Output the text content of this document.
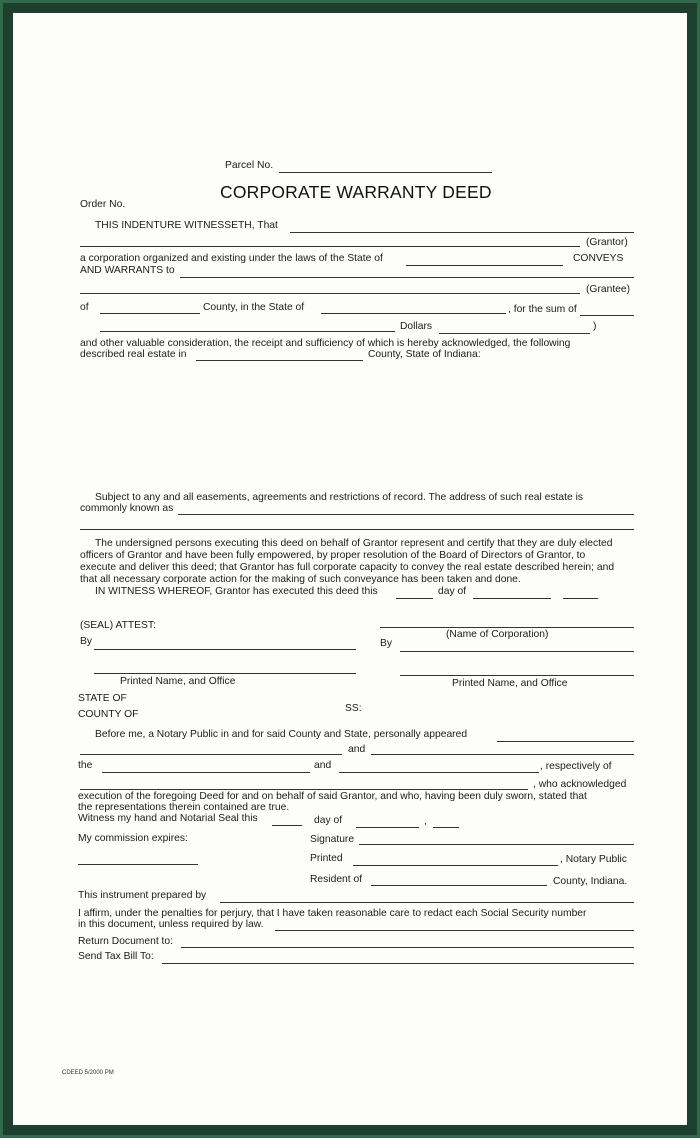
Parcel No.
CORPORATE WARRANTY DEED
Order No.
THIS INDENTURE WITNESSETH, That
(Grantor)
a corporation organized and existing under the laws of the State of	CONVEYS
AND WARRANTS to
(Grantee)
of	County, in the State of	, for the sum of
Dollars	)
and other valuable consideration, the receipt and sufficiency of which is hereby acknowledged, the following
described real estate in	County, State of Indiana:
Subject to any and all easements, agreements and restrictions of record. The address of such real estate is
commonly known as
The undersigned persons executing this deed on behalf of Grantor represent and certify that they are duly elected
officers of Grantor and have been fully empowered, by proper resolution of the Board of Directors of Grantor, to
execute and deliver this deed; that Grantor has full corporate capacity to convey the real estate described herein; and
that all necessary corporate action for the making of such conveyance has been taken and done.
IN WITNESS WHEREOF, Grantor has executed this deed this	day of
(SEAL) ATTEST:
(Name of Corporation)
By	By
Printed Name, and Office	Printed Name, and Office
STATE OF
COUNTY OF
SS:
Before me, a Notary Public in and for said County and State, personally appeared
and
the	and	, respectively of
, who acknowledged
execution of the foregoing Deed for and on behalf of said Grantor, and who, having been duly sworn, stated that
the representations therein contained are true.
Witness my hand and Notarial Seal this	day of	,
My commission expires:	Signature
Printed	, Notary Public
Resident of	County, Indiana.
This instrument prepared by
I affirm, under the penalties for perjury, that I have taken reasonable care to redact each Social Security number
in this document, unless required by law.
Return Document to:
Send Tax Bill To:
CDEED 5/2000 PM
